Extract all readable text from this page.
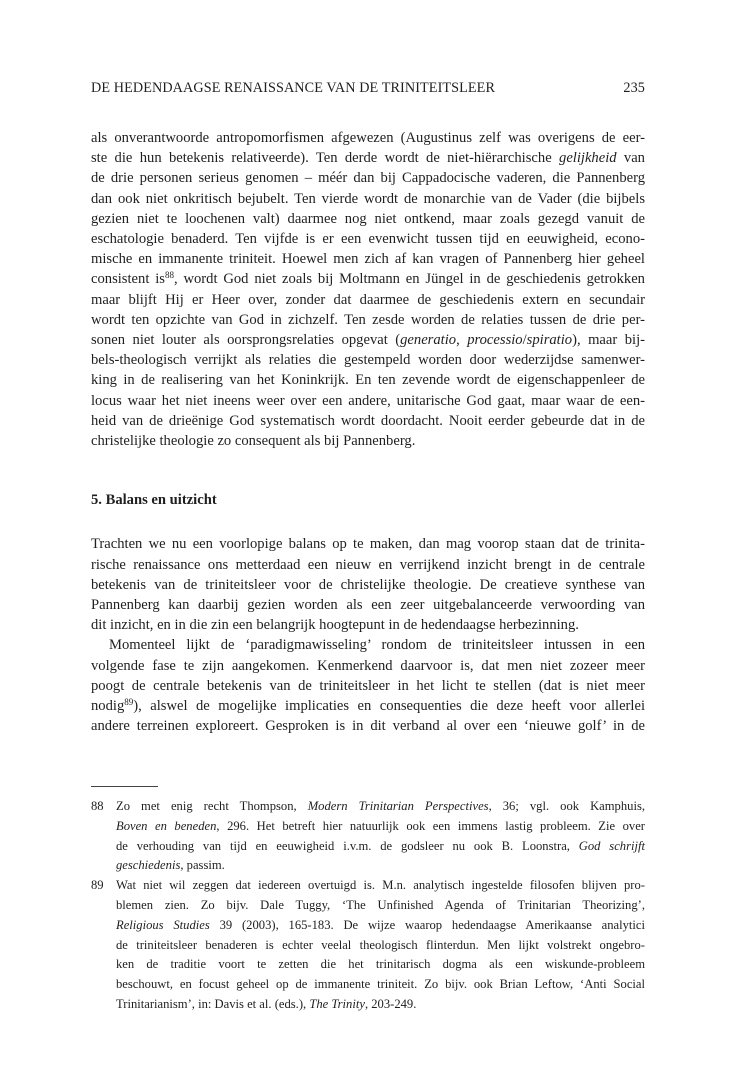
DE HEDENDAAGSE RENAISSANCE VAN DE TRINITEITSLEER	235
als onverantwoorde antropomorfismen afgewezen (Augustinus zelf was overigens de eer-
ste die hun betekenis relativeerde). Ten derde wordt de niet-hiërarchische gelijkheid van
de drie personen serieus genomen – méér dan bij Cappadocische vaderen, die Pannenberg
dan ook niet onkritisch bejubelt. Ten vierde wordt de monarchie van de Vader (die bijbels
gezien niet te loochenen valt) daarmee nog niet ontkend, maar zoals gezegd vanuit de
eschatologie benaderd. Ten vijfde is er een evenwicht tussen tijd en eeuwigheid, econo-
mische en immanente triniteit. Hoewel men zich af kan vragen of Pannenberg hier geheel
consistent $is^{88}$, wordt God niet zoals bij Moltmann en Jüngel in de geschiedenis getrokken
maar blijft Hij er Heer over, zonder dat daarmee de geschiedenis extern en secundair
wordt ten opzichte van God in zichzelf. Ten zesde worden de relaties tussen de drie per-
sonen niet louter als oorsprongsrelaties opgevat (generatio, processio/spiratio), maar bij-
bels-theologisch verrijkt als relaties die gestempeld worden door wederzijdse samenwer-
king in de realisering van het Koninkrijk. En ten zevende wordt de eigenschappenleer de
locus waar het niet ineens weer over een andere, unitarische God gaat, maar waar de een-
heid van de drieënige God systematisch wordt doordacht. Nooit eerder gebeurde dat in de
christelijke theologie zo consequent als bij Pannenberg.
5. Balans en uitzicht
Trachten we nu een voorlopige balans op te maken, dan mag voorop staan dat de trinita-
rische renaissance ons metterdaad een nieuw en verrijkend inzicht brengt in de centrale
betekenis van de triniteitsleer voor de christelijke theologie. De creatieve synthese van
Pannenberg kan daarbij gezien worden als een zeer uitgebalanceerde verwoording van
dit inzicht, en in die zin een belangrijk hoogtepunt in de hedendaagse herbezinning.
Momenteel lijkt de ‘paradigmawisseling’ rondom de triniteitsleer intussen in een
volgende fase te zijn aangekomen. Kenmerkend daarvoor is, dat men niet zozeer meer
poogt de centrale betekenis van de triniteitsleer in het licht te stellen (dat is niet meer
nodig$^{89}$), alswel de mogelijke implicaties en consequenties die deze heeft voor allerlei
andere terreinen exploreert. Gesproken is in dit verband al over een ‘nieuwe golf’ in de
88 Zo met enig recht Thompson, Modern Trinitarian Perspectives, 36; vgl. ook Kamphuis,
Boven en beneden, 296. Het betreft hier natuurlijk ook een immens lastig probleem. Zie over
de verhouding van tijd en eeuwigheid i.v.m. de godsleer nu ook B. Loonstra, God schrijft
geschiedenis, passim.
89 Wat niet wil zeggen dat iedereen overtuigd is. M.n. analytisch ingestelde filosofen blijven pro-
blemen zien. Zo bijv. Dale Tuggy, ‘The Unfinished Agenda of Trinitarian Theorizing’,
Religious Studies 39 (2003), 165-183. De wijze waarop hedendaagse Amerikaanse analytici
de triniteitsleer benaderen is echter veelal theologisch flinterdun. Men lijkt volstrekt ongebro-
ken de traditie voort te zetten die het trinitarisch dogma als een wiskunde-probleem
beschouwt, en focust geheel op de immanente triniteit. Zo bijv. ook Brian Leftow, ‘Anti Social
Trinitarianism’, in: Davis et al. (eds.), The Trinity, 203-249.
